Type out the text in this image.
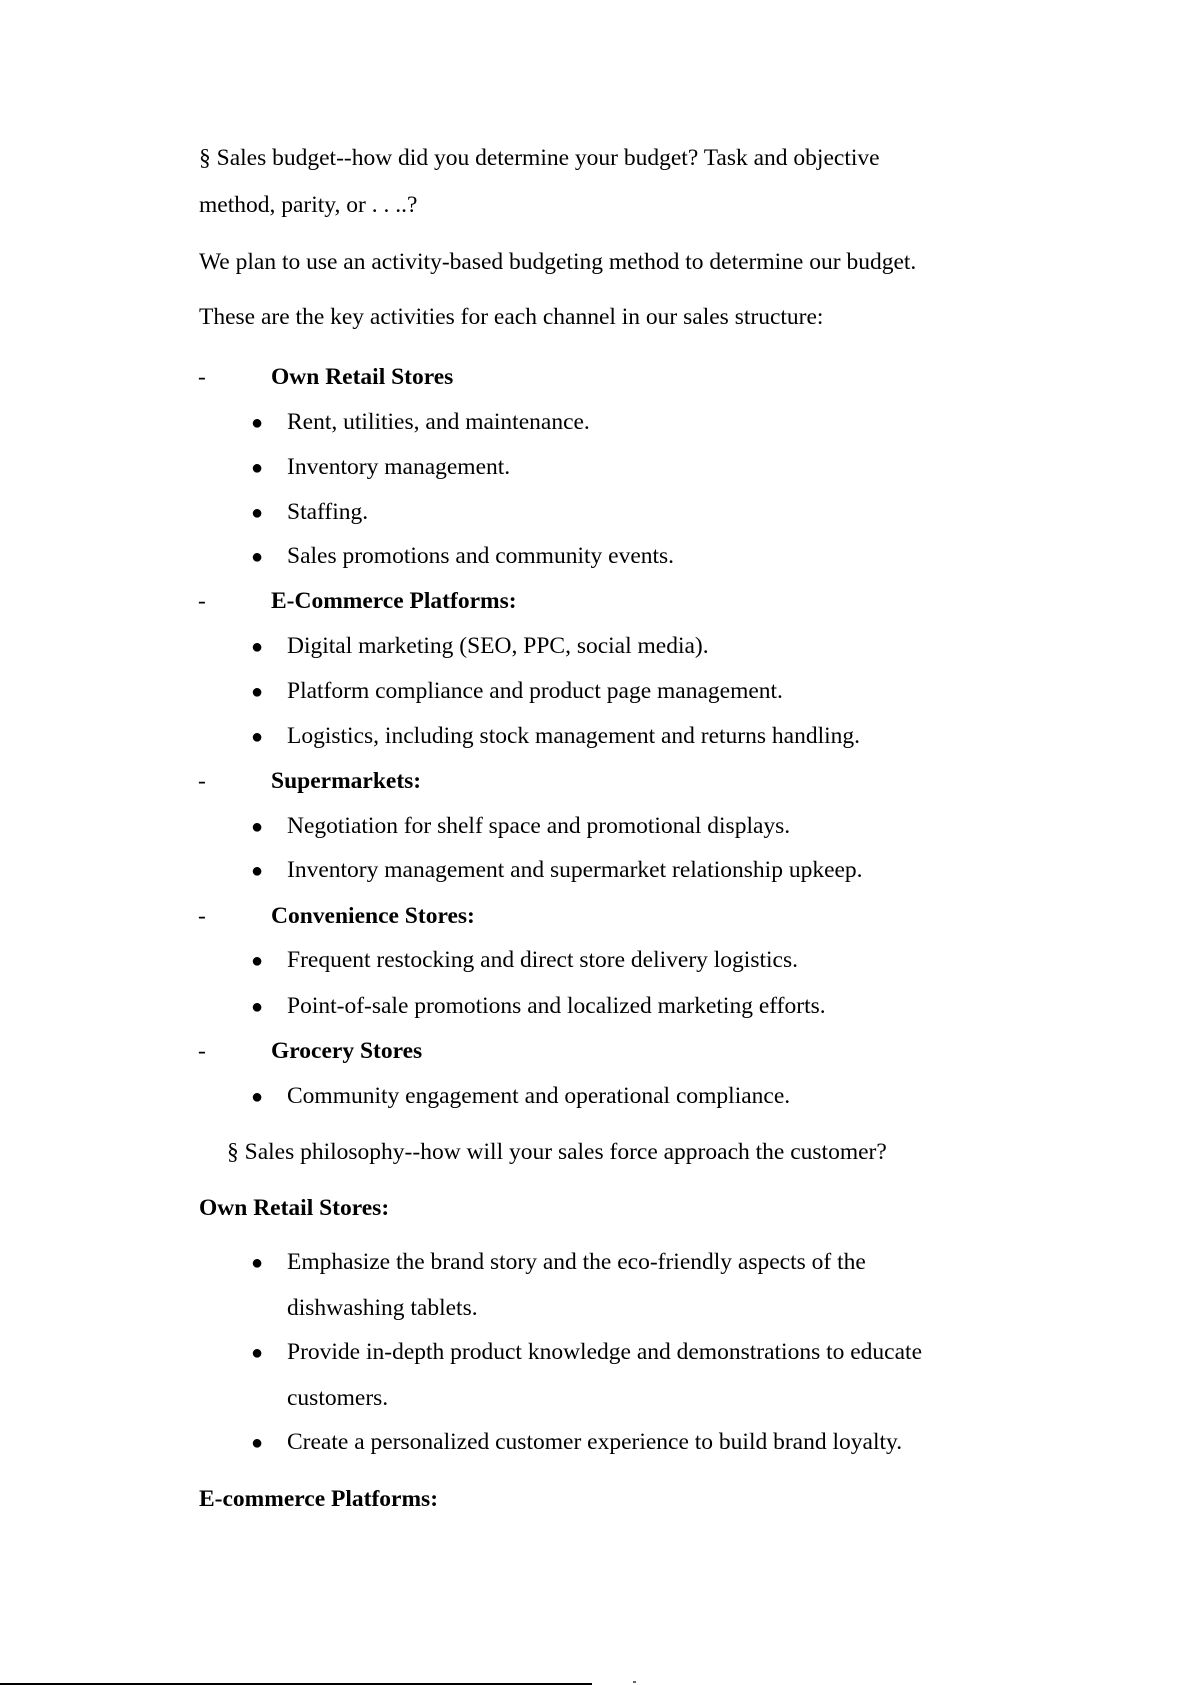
§ Sales budget--how did you determine your budget? Task and objective
method, parity, or . . ..?
We plan to use an activity-based budgeting method to determine our budget.
These are the key activities for each channel in our sales structure:
-	Own Retail Stores
● Rent, utilities, and maintenance.
● Inventory management.
● Staffing.
● Sales promotions and community events.
-	E-Commerce Platforms:
● Digital marketing (SEO, PPC, social media).
● Platform compliance and product page management.
● Logistics, including stock management and returns handling.
-	Supermarkets:
● Negotiation for shelf space and promotional displays.
● Inventory management and supermarket relationship upkeep.
-	Convenience Stores:
● Frequent restocking and direct store delivery logistics.
● Point-of-sale promotions and localized marketing efforts.
-	Grocery Stores
● Community engagement and operational compliance.
§ Sales philosophy--how will your sales force approach the customer?
Own Retail Stores:
● Emphasize the brand story and the eco-friendly aspects of the
dishwashing tablets.
● Provide in-depth product knowledge and demonstrations to educate
customers.
● Create a personalized customer experience to build brand loyalty.
E-commerce Platforms:
